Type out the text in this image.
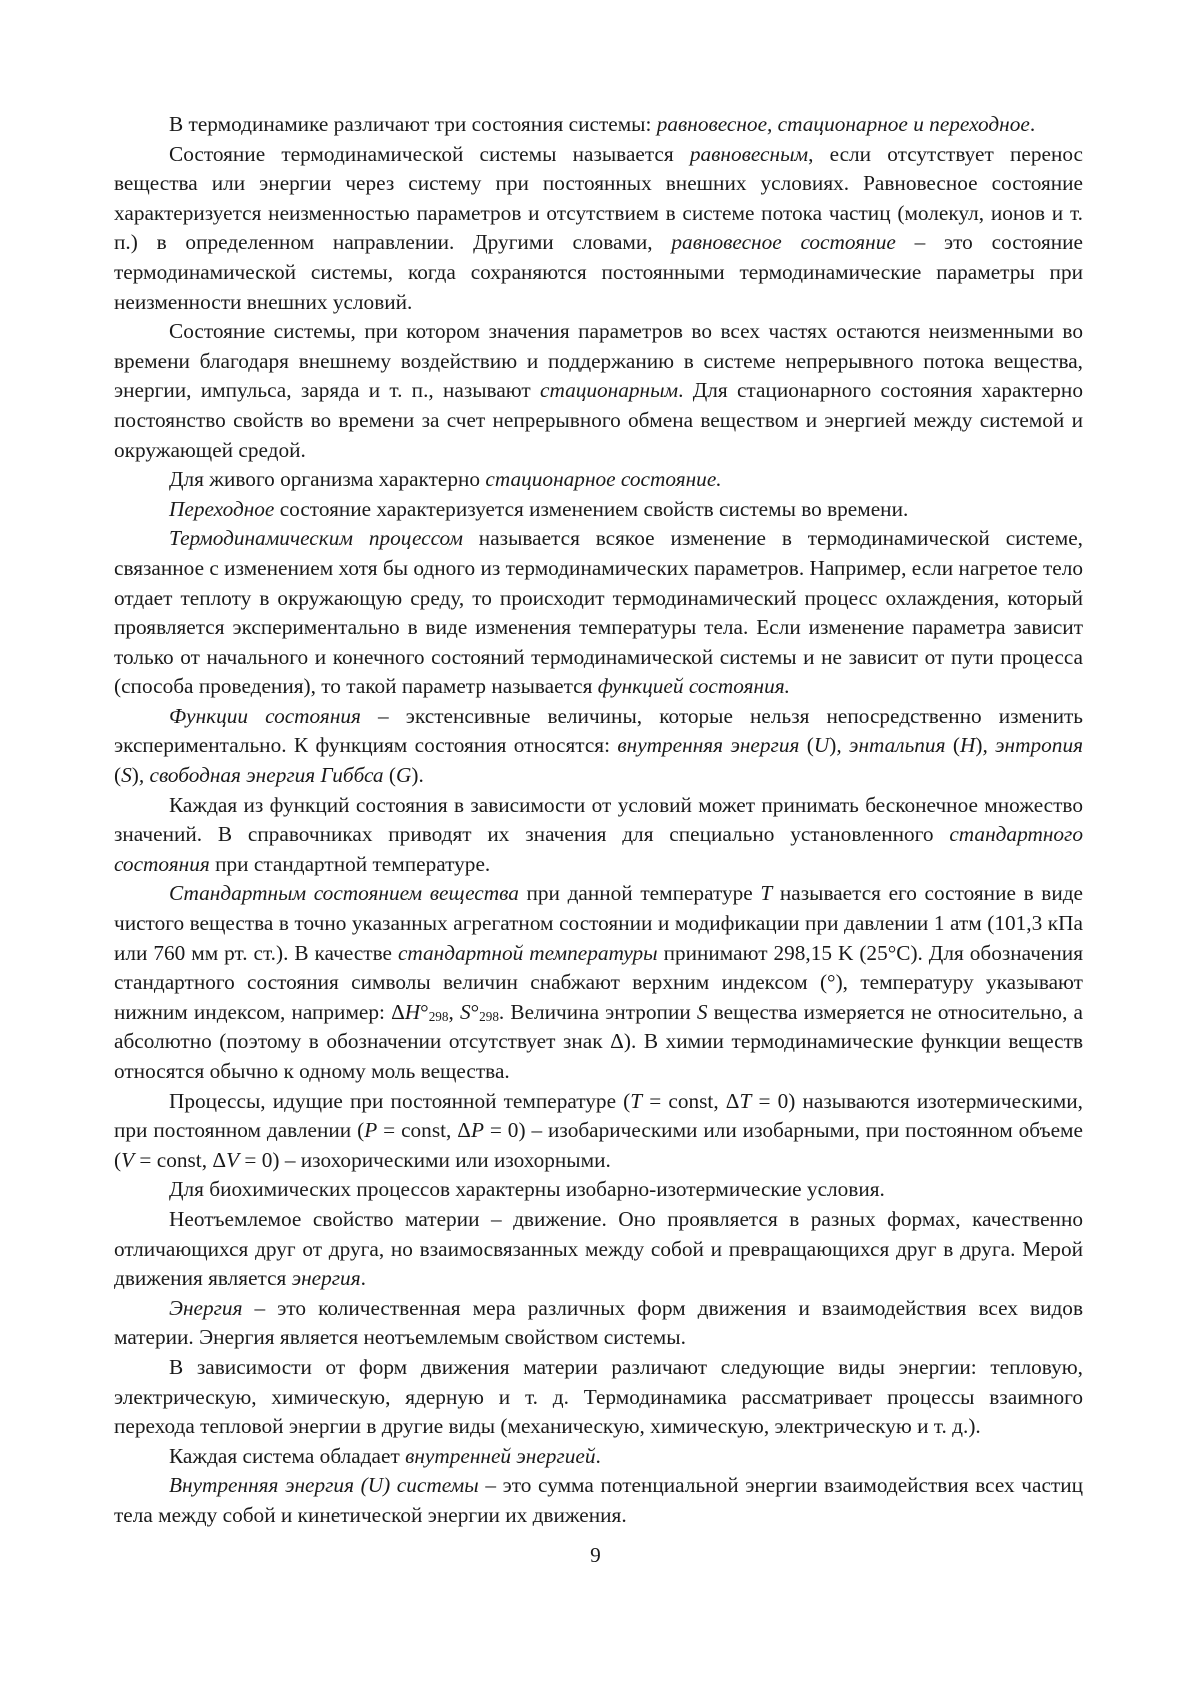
В термодинамике различают три состояния системы: равновесное, стационарное и переходное.

Состояние термодинамической системы называется равновесным, если отсутствует перенос вещества или энергии через систему при постоянных внешних условиях. Равновесное состояние характеризуется неизменностью параметров и отсутствием в системе потока частиц (молекул, ионов и т. п.) в определенном направлении. Другими словами, равновесное состояние – это состояние термодинамической системы, когда сохраняются постоянными термодинамические параметры при неизменности внешних условий.

Состояние системы, при котором значения параметров во всех частях остаются неизменными во времени благодаря внешнему воздействию и поддержанию в системе непрерывного потока вещества, энергии, импульса, заряда и т. п., называют стационарным. Для стационарного состояния характерно постоянство свойств во времени за счет непрерывного обмена веществом и энергией между системой и окружающей средой.

Для живого организма характерно стационарное состояние.

Переходное состояние характеризуется изменением свойств системы во времени.

Термодинамическим процессом называется всякое изменение в термодинамической системе, связанное с изменением хотя бы одного из термодинамических параметров. Например, если нагретое тело отдает теплоту в окружающую среду, то происходит термодинамический процесс охлаждения, который проявляется экспериментально в виде изменения температуры тела. Если изменение параметра зависит только от начального и конечного состояний термодинамической системы и не зависит от пути процесса (способа проведения), то такой параметр называется функцией состояния.

Функции состояния – экстенсивные величины, которые нельзя непосредственно изменить экспериментально. К функциям состояния относятся: внутренняя энергия (U), энтальпия (H), энтропия (S), свободная энергия Гиббса (G).

Каждая из функций состояния в зависимости от условий может принимать бесконечное множество значений. В справочниках приводят их значения для специально установленного стандартного состояния при стандартной температуре.

Стандартным состоянием вещества при данной температуре T называется его состояние в виде чистого вещества в точно указанных агрегатном состоянии и модификации при давлении 1 атм (101,3 кПа или 760 мм рт. ст.). В качестве стандартной температуры принимают 298,15 K (25°С). Для обозначения стандартного состояния символы величин снабжают верхним индексом (°), температуру указывают нижним индексом, например: $\Delta H^\circ_{298}$, $S^\circ_{298}$. Величина энтропии S вещества измеряется не относительно, а абсолютно (поэтому в обозначении отсутствует знак Δ). В химии термодинамические функции веществ относятся обычно к одному моль вещества.

Процессы, идущие при постоянной температуре (T = const, ΔT = 0) называются изотермическими, при постоянном давлении (P = const, ΔP = 0) – изобарическими или изобарными, при постоянном объеме (V = const, ΔV = 0) – изохорическими или изохорными.

Для биохимических процессов характерны изобарно-изотермические условия.

Неотъемлемое свойство материи – движение. Оно проявляется в разных формах, качественно отличающихся друг от друга, но взаимосвязанных между собой и превращающихся друг в друга. Мерой движения является энергия.

Энергия – это количественная мера различных форм движения и взаимодействия всех видов материи. Энергия является неотъемлемым свойством системы.

В зависимости от форм движения материи различают следующие виды энергии: тепловую, электрическую, химическую, ядерную и т. д. Термодинамика рассматривает процессы взаимного перехода тепловой энергии в другие виды (механическую, химическую, электрическую и т. д.).

Каждая система обладает внутренней энергией.

Внутренняя энергия (U) системы – это сумма потенциальной энергии взаимодействия всех частиц тела между собой и кинетической энергии их движения.

9
